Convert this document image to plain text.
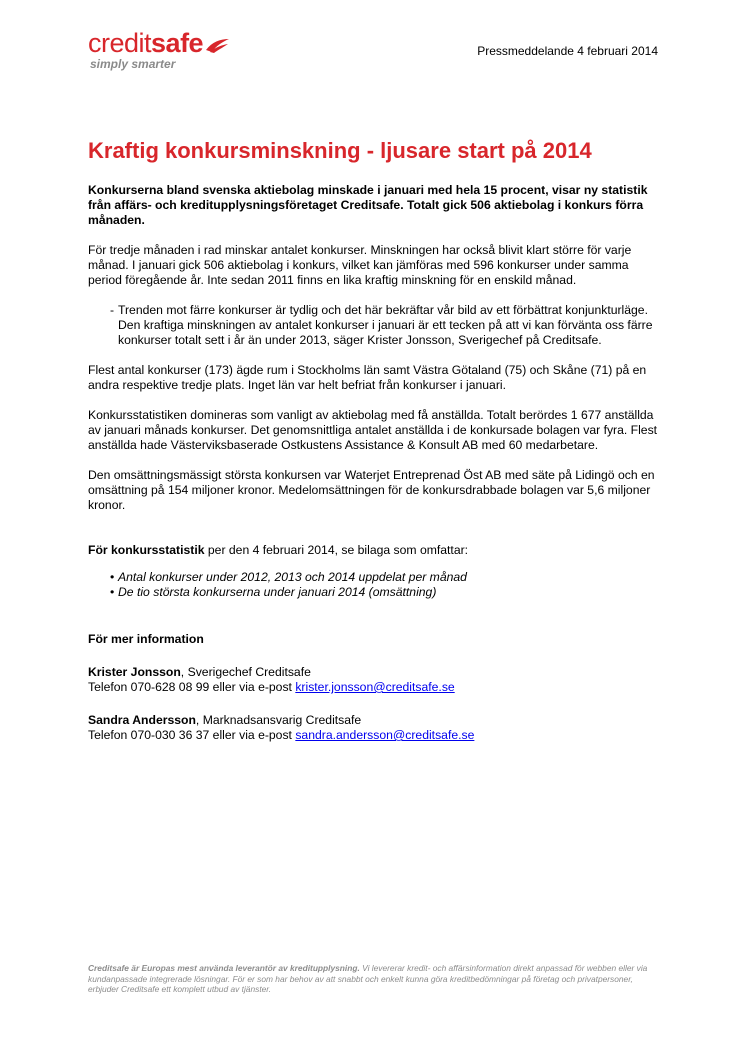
creditsafe
simply smarter
Pressmeddelande 4 februari 2014
Kraftig konkursminskning - ljusare start på 2014

Konkurserna bland svenska aktiebolag minskade i januari med hela 15 procent, visar ny statistik från affärs- och kreditupplysningsföretaget Creditsafe. Totalt gick 506 aktiebolag i konkurs förra månaden.

För tredje månaden i rad minskar antalet konkurser. Minskningen har också blivit klart större för varje månad. I januari gick 506 aktiebolag i konkurs, vilket kan jämföras med 596 konkurser under samma period föregående år. Inte sedan 2011 finns en lika kraftig minskning för en enskild månad.

- Trenden mot färre konkurser är tydlig och det här bekräftar vår bild av ett förbättrat konjunkturläge. Den kraftiga minskningen av antalet konkurser i januari är ett tecken på att vi kan förvänta oss färre konkurser totalt sett i år än under 2013, säger Krister Jonsson, Sverigechef på Creditsafe.

Flest antal konkurser (173) ägde rum i Stockholms län samt Västra Götaland (75) och Skåne (71) på en andra respektive tredje plats. Inget län var helt befriat från konkurser i januari.

Konkursstatistiken domineras som vanligt av aktiebolag med få anställda. Totalt berördes 1 677 anställda av januari månads konkurser. Det genomsnittliga antalet anställda i de konkursade bolagen var fyra. Flest anställda hade Västerviksbaserade Ostkustens Assistance & Konsult AB med 60 medarbetare.

Den omsättningsmässigt största konkursen var Waterjet Entreprenad Öst AB med säte på Lidingö och en omsättning på 154 miljoner kronor. Medelomsättningen för de konkursdrabbade bolagen var 5,6 miljoner kronor.

För konkursstatistik per den 4 februari 2014, se bilaga som omfattar:

• Antal konkurser under 2012, 2013 och 2014 uppdelat per månad
• De tio största konkurserna under januari 2014 (omsättning)

För mer information

Krister Jonsson, Sverigechef Creditsafe
Telefon 070-628 08 99 eller via e-post krister.jonsson@creditsafe.se

Sandra Andersson, Marknadsansvarig Creditsafe
Telefon 070-030 36 37 eller via e-post sandra.andersson@creditsafe.se

Creditsafe är Europas mest använda leverantör av kreditupplysning. Vi levererar kredit- och affärsinformation direkt anpassad för webben eller via kundanpassade integrerade lösningar. För er som har behov av att snabbt och enkelt kunna göra kreditbedömningar på företag och privatpersoner, erbjuder Creditsafe ett komplett utbud av tjänster.
